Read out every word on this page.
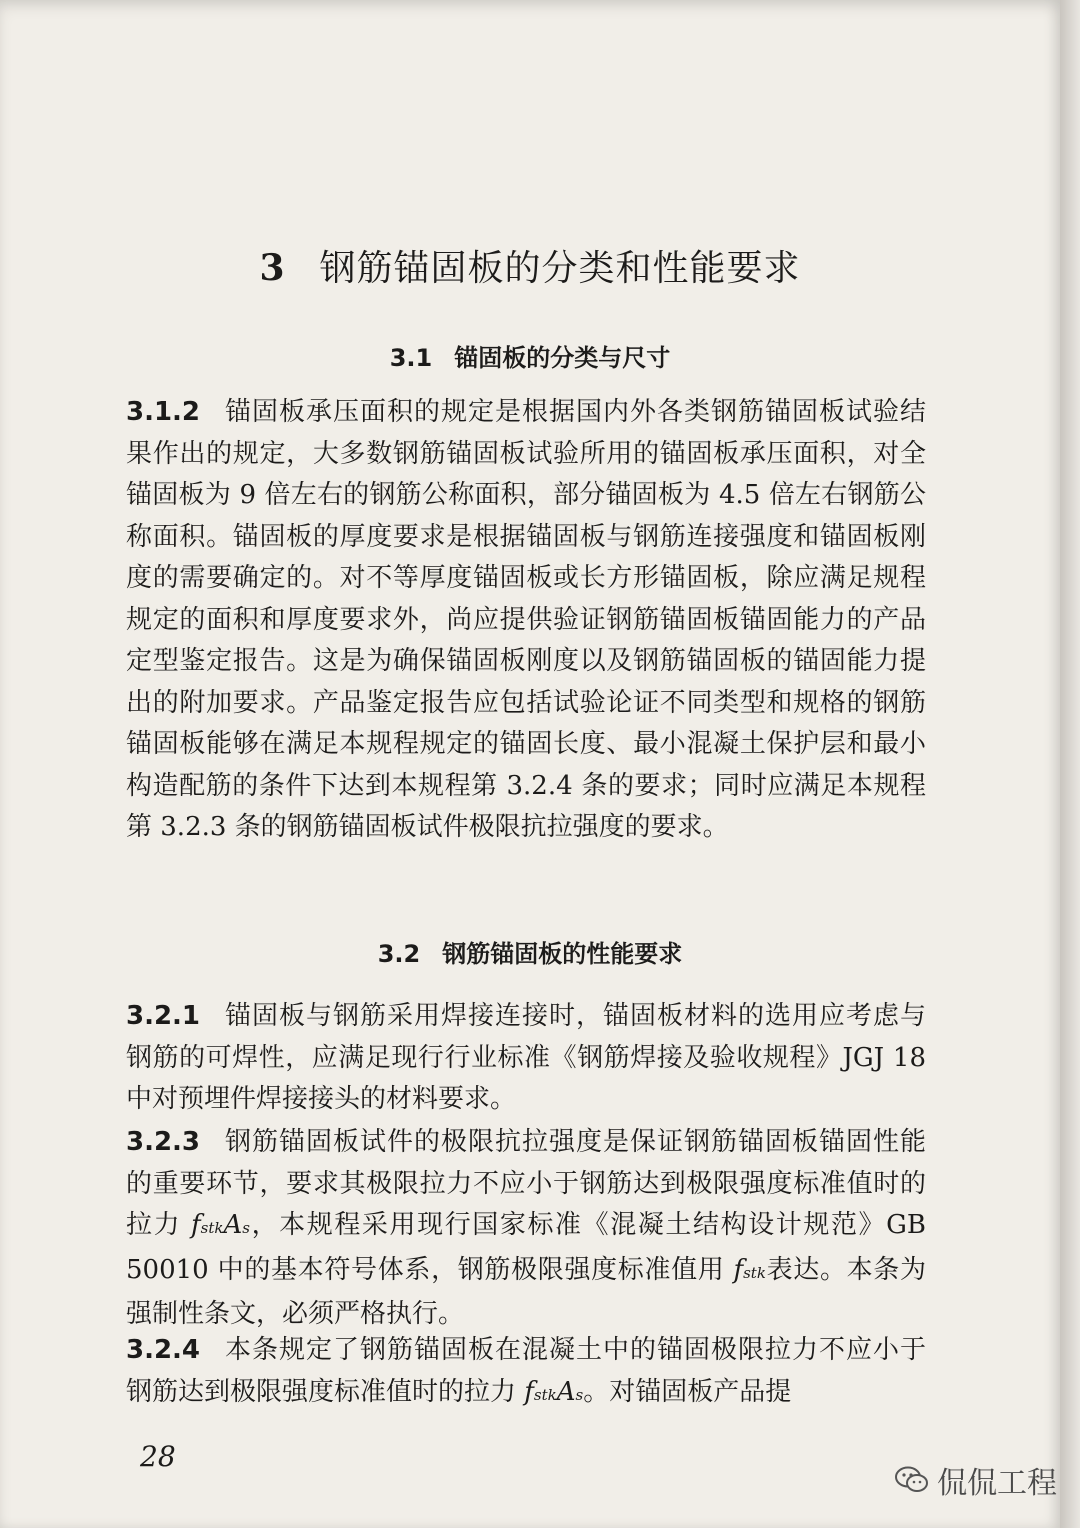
3 钢筋锚固板的分类和性能要求
3.1 锚固板的分类与尺寸
3.1.2 锚固板承压面积的规定是根据国内外各类钢筋锚固板试验结果作出的规定，大多数钢筋锚固板试验所用的锚固板承压面积，对全锚固板为 9 倍左右的钢筋公称面积，部分锚固板为 4.5 倍左右钢筋公称面积。锚固板的厚度要求是根据锚固板与钢筋连接强度和锚固板刚度的需要确定的。对不等厚度锚固板或长方形锚固板，除应满足规程规定的面积和厚度要求外，尚应提供验证钢筋锚固板锚固能力的产品定型鉴定报告。这是为确保锚固板刚度以及钢筋锚固板的锚固能力提出的附加要求。产品鉴定报告应包括试验论证不同类型和规格的钢筋锚固板能够在满足本规程规定的锚固长度、最小混凝土保护层和最小构造配筋的条件下达到本规程第 3.2.4 条的要求；同时应满足本规程第 3.2.3 条的钢筋锚固板试件极限抗拉强度的要求。
3.2 钢筋锚固板的性能要求
3.2.1 锚固板与钢筋采用焊接连接时，锚固板材料的选用应考虑与钢筋的可焊性，应满足现行行业标准《钢筋焊接及验收规程》JGJ 18 中对预埋件焊接接头的材料要求。
3.2.3 钢筋锚固板试件的极限抗拉强度是保证钢筋锚固板锚固性能的重要环节，要求其极限拉力不应小于钢筋达到极限强度标准值时的拉力 fstkAs，本规程采用现行国家标准《混凝土结构设计规范》GB 50010 中的基本符号体系，钢筋极限强度标准值用 fstk表达。本条为强制性条文，必须严格执行。
3.2.4 本条规定了钢筋锚固板在混凝土中的锚固极限拉力不应小于钢筋达到极限强度标准值时的拉力 fstkAs。对锚固板产品提
28
侃侃工程
